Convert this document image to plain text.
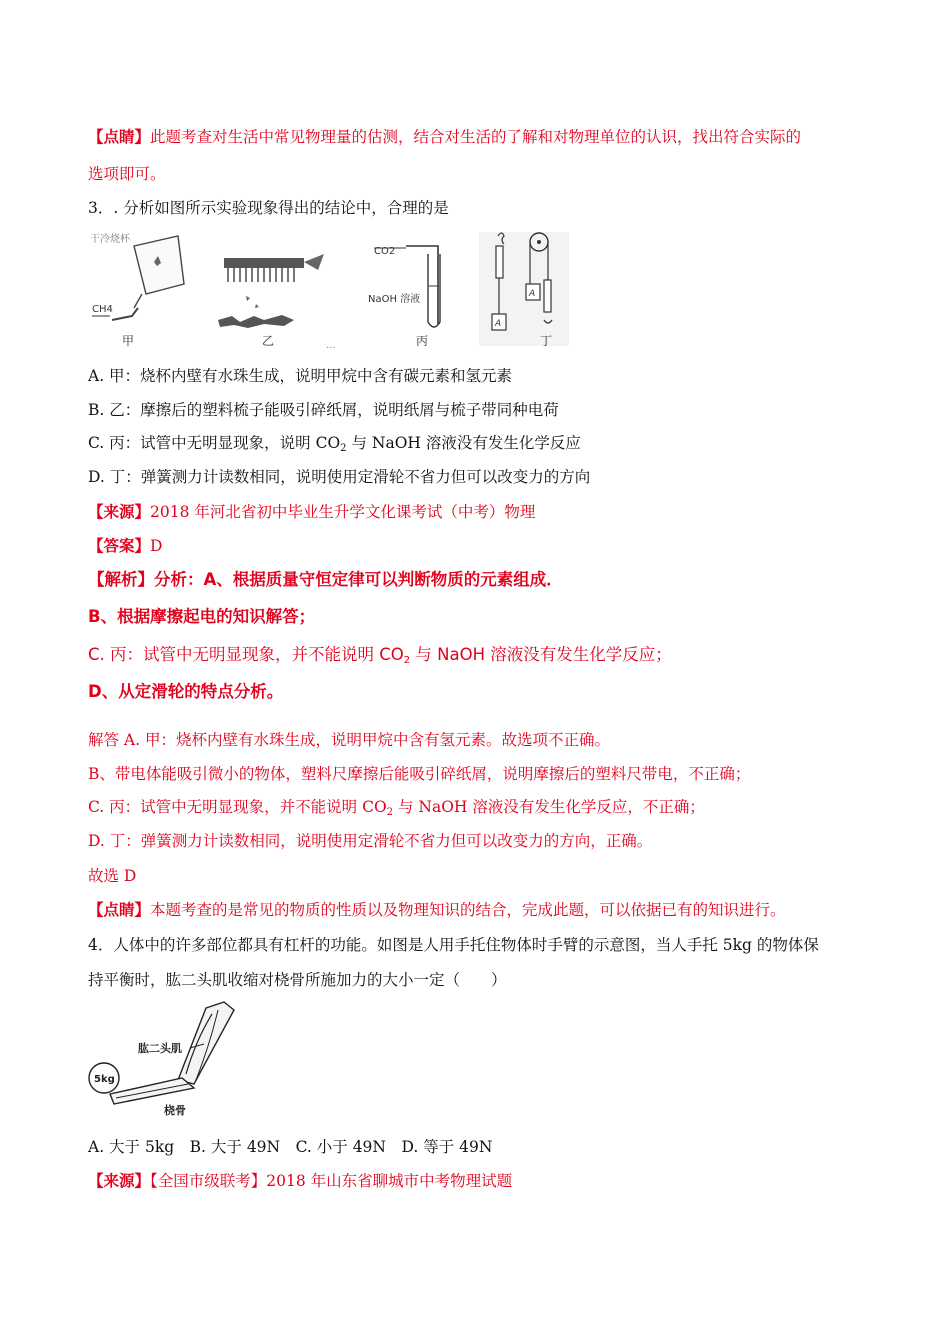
【点睛】此题考查对生活中常见物理量的估测，结合对生活的了解和对物理单位的认识，找出符合实际的
选项即可。
3．. 分析如图所示实验现象得出的结论中，合理的是
干冷烧杯
CH4
甲	乙	...
CO2
NaOH 溶液
丙
A
A
丁
A. 甲：烧杯内壁有水珠生成，说明甲烷中含有碳元素和氢元素
B. 乙：摩擦后的塑料梳子能吸引碎纸屑，说明纸屑与梳子带同种电荷
C. 丙：试管中无明显现象，说明 $CO_2$ 与 NaOH 溶液没有发生化学反应
D. 丁：弹簧测力计读数相同，说明使用定滑轮不省力但可以改变力的方向
【来源】2018 年河北省初中毕业生升学文化课考试（中考）物理
【答案】D
【解析】分析：A、根据质量守恒定律可以判断物质的元素组成．
B、根据摩擦起电的知识解答；
C. 丙：试管中无明显现象，并不能说明 $CO_2$ 与 NaOH 溶液没有发生化学反应；
D、从定滑轮的特点分析。
解答 A. 甲：烧杯内壁有水珠生成，说明甲烷中含有氢元素。故选项不正确。
B、带电体能吸引微小的物体，塑料尺摩擦后能吸引碎纸屑，说明摩擦后的塑料尺带电，不正确；
C. 丙：试管中无明显现象，并不能说明 $CO_2$ 与 NaOH 溶液没有发生化学反应，不正确；
D. 丁：弹簧测力计读数相同，说明使用定滑轮不省力但可以改变力的方向，正确。
故选 D
【点睛】本题考查的是常见的物质的性质以及物理知识的结合，完成此题，可以依据已有的知识进行。
4．人体中的许多部位都具有杠杆的功能。如图是人用手托住物体时手臂的示意图，当人手托 5kg 的物体保
持平衡时，肱二头肌收缩对桡骨所施加力的大小一定（　　）
5kg
肱二头肌
桡骨
A. 大于 5kg　B. 大于 49N　C. 小于 49N　D. 等于 49N
【来源】【全国市级联考】2018 年山东省聊城市中考物理试题
